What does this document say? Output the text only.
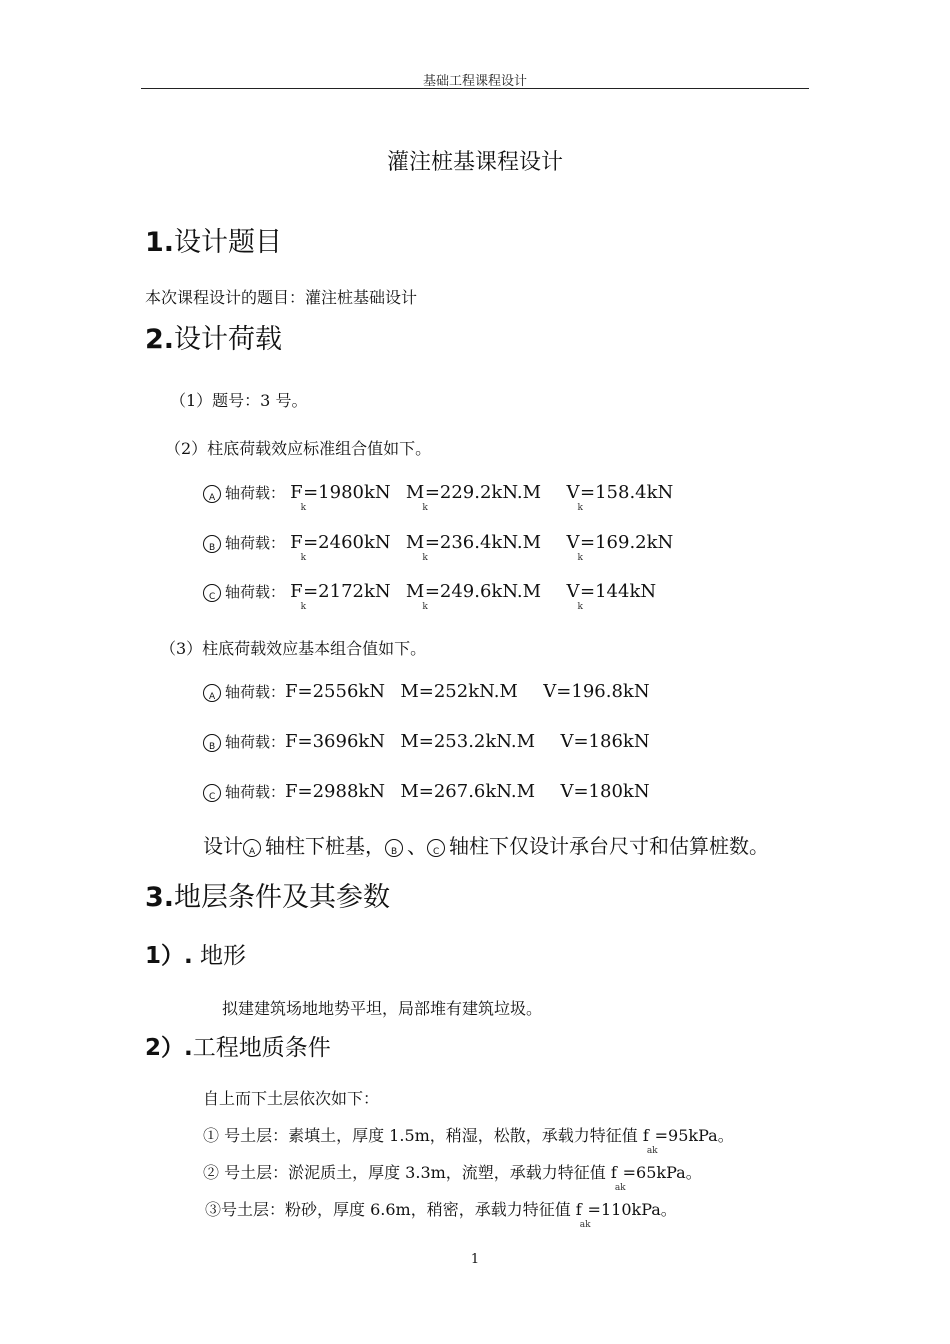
基础工程课程设计
灌注桩基课程设计
1.设计题目
本次课程设计的题目：灌注桩基础设计
2.设计荷载
（1）题号：3 号。
（2）柱底荷载效应标准组合值如下。
A 轴荷载： $F_k=1980kN$ $M_k=229.2kN.M$ $V_k=158.4kN$
B 轴荷载： $F_k=2460kN$ $M_k=236.4kN.M$ $V_k=169.2kN$
C 轴荷载： $F_k=2172kN$ $M_k=249.6kN.M$ $V_k=144kN$
（3）柱底荷载效应基本组合值如下。
A 轴荷载：F=2556kN M=252kN.M V=196.8kN
B 轴荷载：F=3696kN M=253.2kN.M V=186kN
C 轴荷载：F=2988kN M=267.6kN.M V=180kN
设计 A 轴柱下桩基， B 、 C 轴柱下仅设计承台尺寸和估算桩数。
3.地层条件及其参数
1）. 地形
拟建建筑场地地势平坦，局部堆有建筑垃圾。
2）.工程地质条件
自上而下土层依次如下：
① 号土层：素填土，厚度 1.5m，稍湿，松散，承载力特征值 $f_{ak}=95kPa$。
② 号土层：淤泥质土，厚度 3.3m，流塑，承载力特征值 $f_{ak}=65kPa$。
③号土层：粉砂，厚度 6.6m，稍密，承载力特征值 $f_{ak}=110kPa$。
1
